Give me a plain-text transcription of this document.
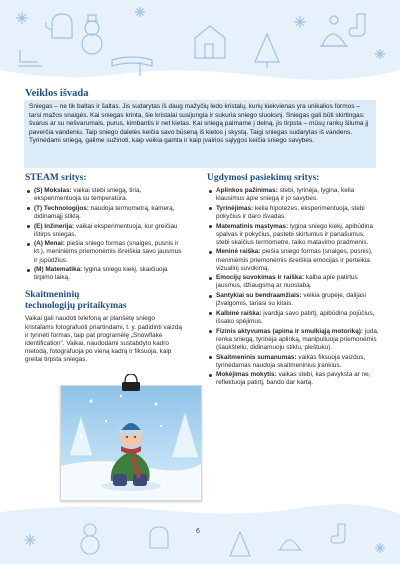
Veiklos išvada
Sniegas – ne tik baltas ir šaltas. Jis sudarytas iš daug mažyčių ledo kristalų, kurių kiekvienas yra unikalios formos – tarsi mažos snaigės. Kai sniegas krinta, šie kristalai susijungia ir sukuria sniego sluoksnį. Sniegas gali būti skirtingas: švarus ar su nešvarumais, purus, kimbantis ir net kietas. Kai sniegą paimame į delną, jis tirpsta – mūsų rankų šiluma jį paverčia vandeniu. Taip sniego dalelės keičia savo būseną iš kietos į skystą. Taigi sniegas sudarytas iš vandens. Tyrinėdami sniegą, galime sužinoti, kaip veikia gamta ir kaip įvairios sąlygos keičia sniego savybes.
STEAM sritys:
(S) Mokslas: vaikai stebi sniegą, tiria, eksperimentuoja su temperatūra.
(T) Technologijos: naudoja termometrą, kamerą, didinamąjį stiklą.
(E) Inžinerija: vaikai eksperimentuoja, kur greičiau ištirps sniegas.
(A) Menai: piešia sniego formas (snaiges, pusnis ir kt.), meniniėms priemonėmis išreiškia savo jausmus ir įspūdžius.
(M) Matematika: lygina sniego kiekį, skaičiuoja tirpimo laiką.
Skaitmeninių
technologijų pritaikymas

Vaikai gali naudoti telefoną ar planšetę sniego kristalams fotografuoti priartindami, t. y. padidinti vaizdą ir tyrinėti formas, taip pat programėlę „Snowflake identification". Vaikai, naudodami sustabdyto kadro metodą, fotografuoja po vieną kadrą ir fiksuoja, kaip greitai tirpsta sniegas.

Ugdymosi pasiekimų sritys:
Aplinkos pažinimas: stebi, tyrinėja, lygina, kelia klausimus apie sniegą ir jo savybes.
Tyrinėjimas: kelia hipotezes, eksperimentuoja, stebi pokyčius ir daro išvadas.
Matematinis mąstymas: lygina sniego kiekį, apibūdina spalvas ir pokyčius, pastebi skirtumus ir panašumus, stebi skaičius termometre, taiko matavimo pradmenis.
Meninė raiška: piešia sniego formas (snaiges, pusnis), meniniėmis priemonėmis išreiškia emocijas ir perteikia vizualinį suvokimą.
Emocijų suvokimas ir raiška: kalba apie patirtus jausmus, džiaugsmą ar nuostabą.
Santykiai su bendraamžiais: veikia grupėje, dalijasi įžvalgomis, tariasi su kitais.
Kalbinė raiška: įvardija savo patirtį, apibūdina pojūčius, išsako spėjimus.
Fizinis aktyvumas (apima ir smulkiąją motoriką): juda, renka sniegą, tyrinėja aplinką, manipuliuoja priemonėmis (šaukšteliu, didinamuoju stiklu, pieštuku).
Skaitmeninis sumanumas: vaikas fiksuoja vaizdus, tyrinėdamas naudoja skaitmeninius įrankius.
Mokėjimas mokytis: vaikas stebi, kas pavyksta ar ne, reflektuoja patirtį, bando dar kartą.
6
